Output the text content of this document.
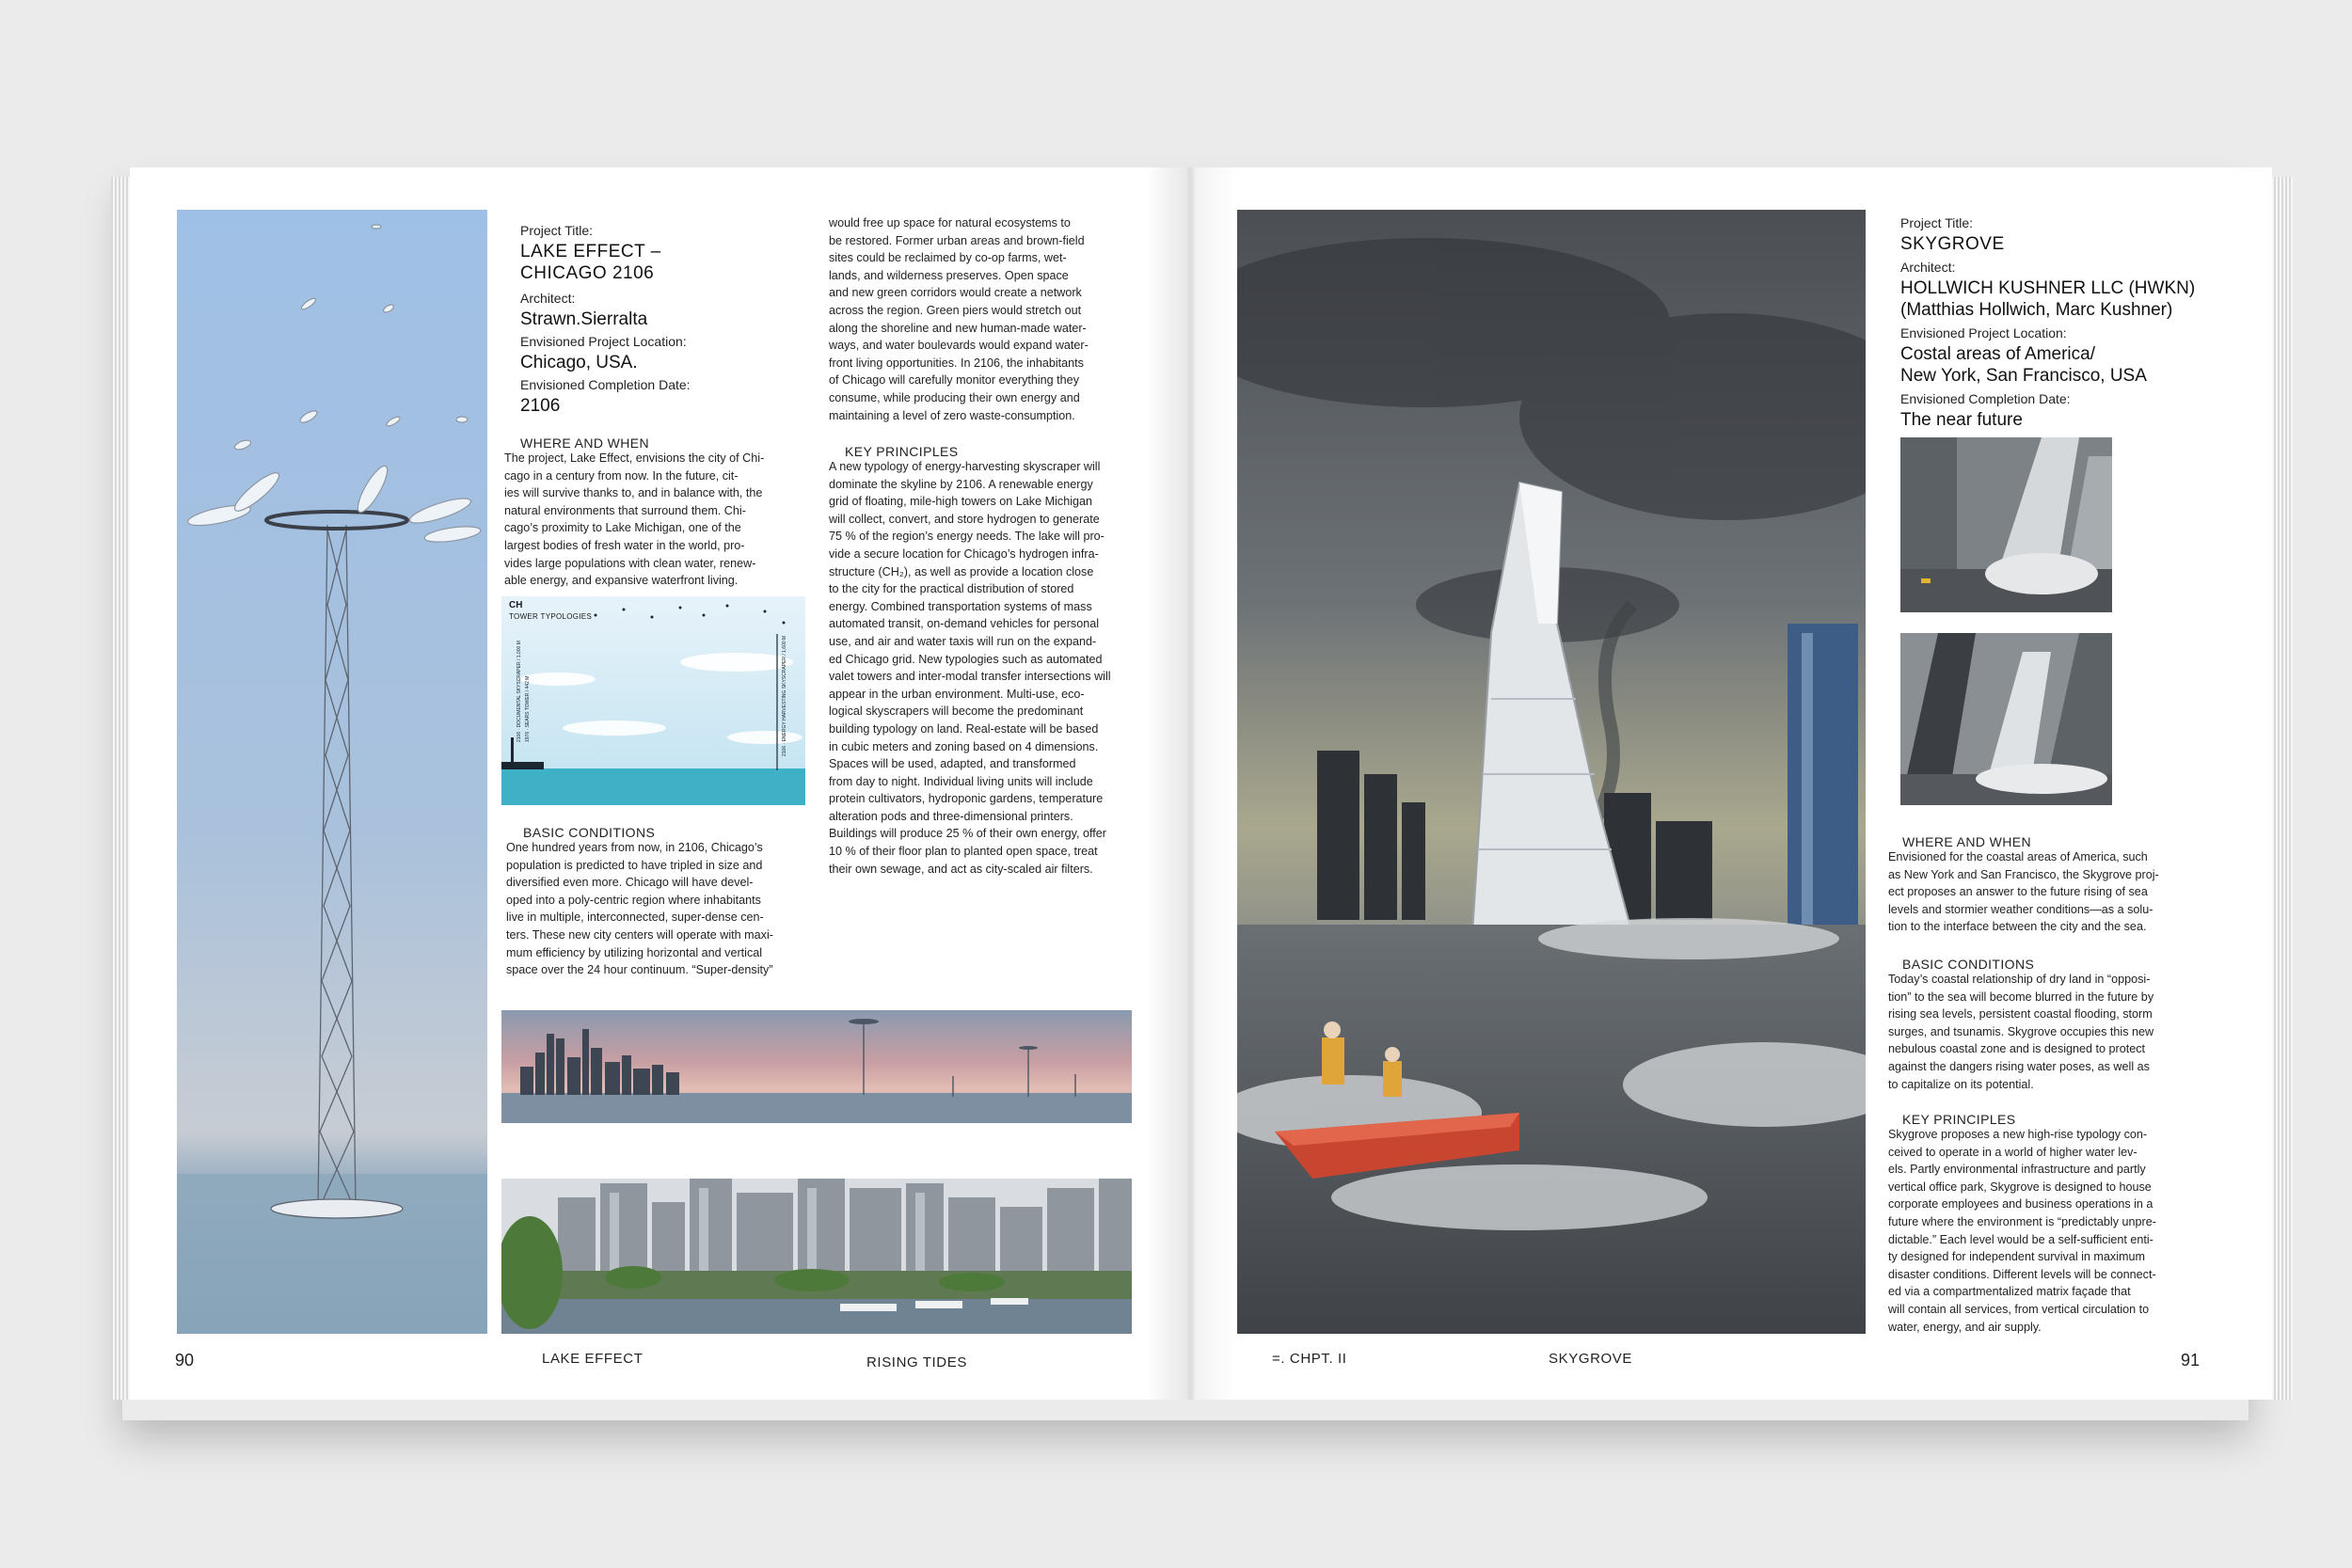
Project Title:
LAKE EFFECT –
CHICAGO 2106
Architect:
Strawn.Sierralta
Envisioned Project Location:
Chicago, USA.
Envisioned Completion Date:
2106
WHERE AND WHEN
The project, Lake Effect, envisions the city of Chi-
cago in a century from now. In the future, cit-
ies will survive thanks to, and in balance with, the
natural environments that surround them. Chi-
cago’s proximity to Lake Michigan, one of the
largest bodies of fresh water in the world, pro-
vides large populations with clean water, renew-
able energy, and expansive waterfront living.
CH
TOWER TYPOLOGIES
2106 · DOCUMENTAL SKYSCRAPER / 1,000 M 1976 · SEARS TOWER / 442 M	2106 · ENERGY HARVESTING SKYSCRAPER / 1,600 M
BASIC CONDITIONS
One hundred years from now, in 2106, Chicago’s
population is predicted to have tripled in size and
diversified even more. Chicago will have devel-
oped into a poly-centric region where inhabitants
live in multiple, interconnected, super-dense cen-
ters. These new city centers will operate with maxi-
mum efficiency by utilizing horizontal and vertical
space over the 24 hour continuum. “Super-density”
would free up space for natural ecosystems to
be restored. Former urban areas and brown-field
sites could be reclaimed by co-op farms, wet-
lands, and wilderness preserves. Open space
and new green corridors would create a network
across the region. Green piers would stretch out
along the shoreline and new human-made water-
ways, and water boulevards would expand water-
front living opportunities. In 2106, the inhabitants
of Chicago will carefully monitor everything they
consume, while producing their own energy and
maintaining a level of zero waste-consumption.
KEY PRINCIPLES
A new typology of energy-harvesting skyscraper will
dominate the skyline by 2106. A renewable energy
grid of floating, mile-high towers on Lake Michigan
will collect, convert, and store hydrogen to generate
75 % of the region’s energy needs. The lake will pro-
vide a secure location for Chicago’s hydrogen infra-
structure (CH₂), as well as provide a location close
to the city for the practical distribution of stored
energy. Combined transportation systems of mass
automated transit, on-demand vehicles for personal
use, and air and water taxis will run on the expand-
ed Chicago grid. New typologies such as automated
valet towers and inter-modal transfer intersections will
appear in the urban environment. Multi-use, eco-
logical skyscrapers will become the predominant
building typology on land. Real-estate will be based
in cubic meters and zoning based on 4 dimensions.
Spaces will be used, adapted, and transformed
from day to night. Individual living units will include
protein cultivators, hydroponic gardens, temperature
alteration pods and three-dimensional printers.
Buildings will produce 25 % of their own energy, offer
10 % of their floor plan to planted open space, treat
their own sewage, and act as city-scaled air filters.
90	LAKE EFFECT	RISING TIDES
Project Title:
SKYGROVE
Architect:
HOLLWICH KUSHNER LLC (HWKN)
(Matthias Hollwich, Marc Kushner)
Envisioned Project Location:
Costal areas of America/
New York, San Francisco, USA
Envisioned Completion Date:
The near future
WHERE AND WHEN
Envisioned for the coastal areas of America, such
as New York and San Francisco, the Skygrove proj-
ect proposes an answer to the future rising of sea
levels and stormier weather conditions—as a solu-
tion to the interface between the city and the sea.
BASIC CONDITIONS
Today’s coastal relationship of dry land in “opposi-
tion” to the sea will become blurred in the future by
rising sea levels, persistent coastal flooding, storm
surges, and tsunamis. Skygrove occupies this new
nebulous coastal zone and is designed to protect
against the dangers rising water poses, as well as
to capitalize on its potential.
KEY PRINCIPLES
Skygrove proposes a new high-rise typology con-
ceived to operate in a world of higher water lev-
els. Partly environmental infrastructure and partly
vertical office park, Skygrove is designed to house
corporate employees and business operations in a
future where the environment is “predictably unpre-
dictable.” Each level would be a self-sufficient enti-
ty designed for independent survival in maximum
disaster conditions. Different levels will be connect-
ed via a compartmentalized matrix façade that
will contain all services, from vertical circulation to
water, energy, and air supply.
=. CHPT. II	SKYGROVE	91
